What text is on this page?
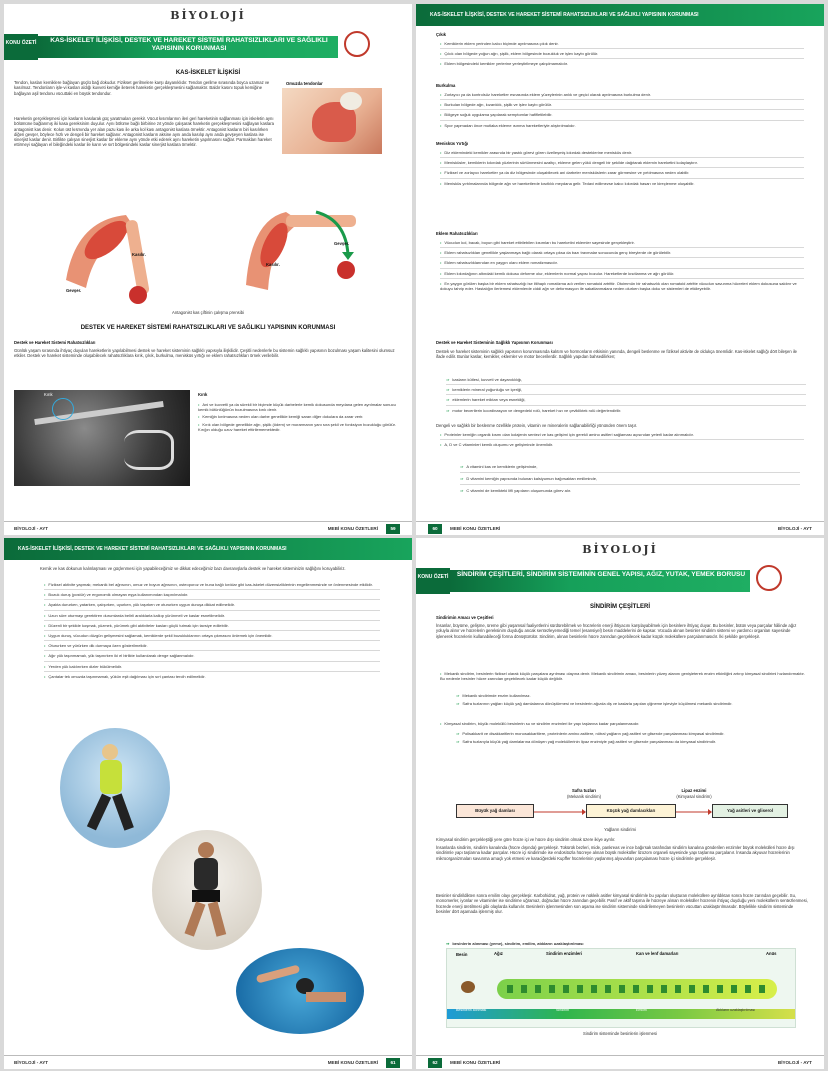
BİYOLOJİ
KONU ÖZETİ	KAS-İSKELET İLİŞKİSİ, DESTEK VE HAREKET SİSTEMİ RAHATSIZLIKLARI VE SAĞLIKLI YAPISININ KORUNMASI
KAS-İSKELET İLİŞKİSİ
Tendon, kasları kemiklere bağlayan güçlü bağ dokudur. Fizikset gerilmelere karşı dayanıklıdır. Tendon gerilme sırasında boyca uzamaz ve kasılmaz. Tendonların işle-vi kasları aldığı kuvveti kemiğe ileterek hareketin gerçekleşmesini sağlamaktır. Baldır kasını topuk kemiğine bağlayan aşil tendonu vücuttaki en büyük tendondur.
Hareketin gerçekleşmesi için kasların kasılarak güç yaratmaları gerekir. Vücut kısımlarının ileri geri hareketinin sağlanması için iskeletin aynı bölümüne bağlanmış iki kasa gereksinim duyulur. Aynı bölüme bağlı birbirine zıt yönde çalışarak hareketin gerçekleşmesini sağlayan kaslara antagonist kas denir. Kolun üst kısmında yer alan pazu kası ile arka kol kası antagonist kaslara örnektir. Antagonist kasların biri kasılırken diğeri gevşer, böylece hızlı ve dengeli bir hareket sağlanır. Antagonist kasların aksine aynı anda kasılıp aynı anda gevşeyen kaslara ise sinerjist kaslar denir. Birlikte çalışan sinerjist kaslar bir ekleme aynı yönde etki ederek aynı hareketin yapılmasını sağlar. Parmakları hareket ettirmeyi sağlayan el bileğindeki kaslar ile karın ve sırt bölgesindeki kaslar sinerjist kaslara örnektir.
Omuzda tendonlar
Kasılır.
Gevşer.
Kasılır.
Gevşer.
Antagonist kas çiftinin çalışma prensibi
DESTEK VE HAREKET SİSTEMİ RAHATSIZLIKLARI VE SAĞLIKLI YAPISININ KORUNMASI
Destek ve Hareket Sistemi Rahatsızlıkları
Günlük yaşam sırasında ihtiyaç duyulan hareketlerin yapılabilmesi destek ve hareket sisteminin sağlıklı yapısıyla ilişkilidir. Çeşitli nedenlerle bu sistemin sağlıklı yapısının bozulması yaşam kalitesini olumsuz etkiler. Destek ve hareket sisteminde oluşabilecek rahatsızlıklara kırık, çıkık, burkulma, menisküs yırtığı ve eklem rahatsızlıkları örnek verilebilir.
Kırık	Kırık
• Ani ve kuvvetli ya da sürekli bir biçimde küçük darbelerle kemik dokusunda meydana gelen ayrılmalar sonucu kemik bütünlüğünün bozulmasına kırık denir.
• Kemiğin kırılmasına neden olan darbe genellikle kemiği saran diğer dokulara da zarar verir.
• Kırık olan bölgede genellikle ağrı, şişlik (ödem) ve morarmanın yanı sıra şekil ve fonksiyon bozukluğu görülür. Kırığın olduğu uzuv hareket ettirilememektedir.
BİYOLOJİ - AYT	MEBİ KONU ÖZETLERİ	59
KAS-İSKELET İLİŞKİSİ, DESTEK VE HAREKET SİSTEMİ RAHATSIZLIKLARI VE SAĞLIKLI YAPISININ KORUNMASI
Çıkık
• Kemiklerin eklem yerinden kalıcı biçimde ayrılmasına çıkık denir.
• Çıkık olan bölgede yoğun ağrı, şişlik, eklem bölgesinde bozukluk ve işlev kaybı görülür.
• Eklem bölgesindeki kemikler yerlerine yerleştirilmeye çalışılmamalıdır.
Burkulma
• Zorlayıcı ya da kontrolsüz hareketler esnasında eklem yüzeylerinin anlık ve geçici olarak ayrılmasına burkulma denir.
• Burkulan bölgede ağrı, kızarıklık, şişlik ve işlev kaybı görülür.
• Bölgeye soğuk uygulama yapılarak semptomlar hafifletilebilir.
• Spor yapmadan önce mutlaka ekleme ısınma hareketleriyle alıştırılmalıdır.
Menisküs Yırtığı
• Diz eklemindeki kemikler arasında bir yastık görevi gören özelleşmiş kıkırdak desteklerine menisküs denir.
• Menisküsler, kemiklerin kıkırdak yüzlerinin sürtünmesini azaltıp, ekleme gelen yükü dengeli bir şekilde dağıtarak eklemin hareketini kolaylaştırır.
• Fiziksel ve zorlayıcı hareketler ya da diz bölgesinde oluşabilecek ani darbeler menisküslerin zarar görmesine ve yırtılmasına neden olabilir.
• Menisküs yırtılmalarında bölgede ağrı ve hareketlerde kısıtlılık meydana gelir. Tedavi edilmezse kalıcı kıkırdak hasarı ve kireçlenme oluşabilir.
Eklem Rahatsızlıkları
• Vücudun kol, bacak, boyun gibi hareket ettirilebilen kısımları bu hareketini eklemler sayesinde gerçekleştirir.
• Eklem rahatsızlıkları genellikle yaşlanmaya bağlı olarak ortaya çıksa da bazı travmalar sonucunda genç bireylerde de görülebilir.
• Eklem rahatsızlıklarından en yaygın olanı eklem romatizmasıdır.
• Eklem kıkırdağının altındaki kemik dokusu deforme olur, eklemlerin normal yapısı bozulur. Hareketlerde kısıtlanma ve ağrı görülür.
• En yaygın görülen başka bir eklem rahatsızlığı ise iltihaplı romatizma adı verilen romatoid artrittir. Otoimmün bir rahatsızlık olan romatoid artritte vücudun savunma hücreleri eklem dokusuna saldırır ve dokuyu tahrip eder. Hastalığın ilerlemesi eklemlerde ciddi ağrı ve deformasyon ile sakatlanmalara neden olurken başka doku ve sistemleri de etkileyebilir.
Destek ve Hareket Sisteminin Sağlıklı Yapısının Korunması
Destek ve hareket sisteminin sağlıklı yapısının korunmasında kalıtım ve hormonların etkisinin yanında, dengeli beslenme ve fiziksel aktivite de oldukça önemlidir. Kas-iskelet sağlığı dört bileşen ile ifade edilir. Bunlar kaslar, kemikler, eklemler ve motor becerilerdir. Sağlıklı yapıdan bahsedilirken;
⇒ kasların kütlesi, kuvveti ve dayanıklılığı,
⇒ kemiklerin mineral yoğunluğu ve içeriği,
⇒ eklemlerin hareket miktarı veya esnekliği,
⇒ motor becerilerin koordinasyon ve dengedeki rolü, hareket hızı ve çevikliktek rolü değerlendirilir.
Dengeli ve sağlıklı bir beslenme özellikle protein, vitamin ve mineralerin sağlanabilirliği yönünden önem taşır.
• Proteinler kemiğin organik kısmı olan kolajenin sentezi ve kas gelişimi için gerekli amino asitleri sağlaması açısından yeterli kadar alınmalıdır.
• A, D ve C vitaminleri kemik oluşumu ve gelişiminde önemlidir.
⇒ A vitamini kas ve kemiklerin gelişiminde,
⇒ D vitamini kemiğin yapısında bulunan kalsiyumun bağırsaktan emiliminde,
⇒ C vitamini de kemikteki lifli yapıların oluşumunda görev alır.
60	MEBİ KONU ÖZETLERİ	BİYOLOJİ - AYT
KAS-İSKELET İLİŞKİSİ, DESTEK VE HAREKET SİSTEMİ RAHATSIZLIKLARI VE SAĞLIKLI YAPISININ KORUNMASI
Kemik ve kas dokunun kalınlaşması ve güçlenmesi için yapabileceğimiz ve dikkat edeceğimiz bazı davranışlarla destek ve hareket sisteminizin sağlığını koruyabiliriz.
• Fiziksel aktivite yapmak; mekanik bel ağrısının, omuz ve boyun ağrısının, osteoporoz ve buna bağlı kırıklar gibi kas-iskelet düzensizliklerinin engellenmesinde ve önlenmesinde etkilidir.
• Bozuk duruş (postür) ve ergonomik olmayan eşya kullanımından kaçınılmalıdır.
• Ayakta dururken, yatarken, çalışırken, uyurken, yük taşırken ve otururken uygun duruşa dikkat edilmelidir.
• Uzun süre oturmayı gerektiren durumlarda belirli aralıklarla kalkıp yürünmeli ve kaslar esnetilmelidir.
• Düzenli bir şekilde koşmak, yüzmek, yürümek gibi aktiviteler kasları güçlü tutmak için tavsiye edilebilir.
• Uygun duruş, vücudun düzgün gelişmesini sağlamak, kemiklerde şekil bozukluklarının ortaya çıkmasını önlemek için önemlidir.
• Otururken ve yürürken dik durmaya özen gösterilmelidir.
• Ağır yük taşınmamalı, yük taşınırken iki el birlikte kullanılarak denge sağlanmalıdır.
• Yerden yük kaldırırken dizler bükülmelidir.
• Çantalar tek omuzda taşınmamalı, yükün eşit dağılması için sırt çantası tercih edilmelidir.
BİYOLOJİ - AYT	MEBİ KONU ÖZETLERİ	61
BİYOLOJİ
KONU ÖZETİ SİNDİRİM ÇEŞİTLERİ, SİNDİRİM SİSTEMİNİN GENEL YAPISI, AĞIZ, YUTAK, YEMEK BORUSU
SİNDİRİM ÇEŞİTLERİ
Sindirimin Amacı ve Çeşitleri
İnsanlar, büyüme, gelişme, üreme gibi yaşamsal faaliyetlerini sürdürebilmek ve hücrelerin enerji ihtiyacını karşılayabilmek için besinlere ihtiyaç duyar. Bu besinler, bütün veya parçalar hâlinde ağız yoluyla alınır ve hücrelerin gereksinim duyduğu ancak sentezleyemediği temel (esansiyel) besin maddelerini de kapsar. Vücuda alınan besinler sindirim sistemi ve yardımcı organları sayesinde işlenerek hücrelerin kullanabileceği forma dönüştürülür. Sindirim, alınan besinlerin hücre zarından geçebilecek kadar küçük moleküllere parçalanmasıdır. İki şekilde gerçekleşir.
• Mekanik sindirim, besinlerin fiziksel olarak küçük parçalara ayrılması olayına denir. Mekanik sindirimin amacı, besinlerin yüzey alanını genişleterek enzim etkinliğini artırıp kimyasal sindirimi hızlandırmaktır. Bu nedenle besinler hücre zarından geçebilecek kadar küçük değildir.
⇒ Mekanik sindirimde enzim kullanılmaz.
⇒ Safra tuzlarının yağları küçük yağ damlalarına dönüştürmesi ve besinlerin ağızda diş ve kaslarla yapılan çiğneme işleviyle küçülmesi mekanik sindirimdir.
• Kimyasal sindirim, büyük moleküllü besinlerin su ve sindirim enzimleri ile yapı taşlarına kadar parçalanmasıdır.
⇒ Polisakkarit ve disakkaritlerin monosakkaritlere, proteinlerin amino asitlere, nötral yağların yağ asitleri ve gliserole parçalanması kimyasal sindirimdir.
⇒ Safra tuzlarıyla küçük yağ damlalarına dönüşen yağ moleküllerinin lipaz enzimiyle yağ asitleri ve gliserole parçalanması da kimyasal sindirimdir.
Safra tuzları
(Mekanik sindirim)
Lipaz enzimi
(Kimyasal sindirim)
Büyük yağ damlası	Küçük yağ damlacıkları	Yağ asitleri ve gliserol
Yağların sindirimi
Kimyasal sindirim gerçekleştiği yere göre hücre içi ve hücre dışı sindirim olmak üzere ikiye ayrılır.
İnsanlarda sindirim, sindirim kanalında (hücre dışında) gerçekleşir. Tükürük bezleri, mide, pankreas ve ince bağırsak tarafından sindirim kanalına gönderilen enzimler büyük molekülleri hücre dışı sindirimle yapı taşlarına kadar parçalar. Hücre içi sindirimde ise endositozla hücreye alınan büyük moleküller lizozom organeli sayesinde yapı taşlarına parçalanır. İnsanda akyuvar hücrelerinin mikroorganizmaları savunma amaçlı yok etmesi ve karaciğerdeki Kupffer hücrelerinin yaşlanmış alyuvarları parçalaması hücre içi sindirimle gerçekleşir.
Besinler sindirildikten sonra emilim olayı gerçekleşir. Karbohidrat, yağ, protein ve nükleik asitler kimyasal sindirimle bu yapıları oluşturan moleküllere ayrıldıktan sonra hücre zarından geçebilir. Su, monomerler, iyonlar ve vitaminler ise sindirime uğramaz, doğrudan hücre zarından geçebilir. Pasif ve aktif taşıma ile hücreye alınan moleküller hücrenin ihtiyaç duyduğu yeni moleküllerin sentezlenmesi, hücrede enerji üretilmesi gibi olaylarda kullanılır. Besinlerin işlenmesinden son aşama ise sindirim sisteminde sindirilemeyen besinlerin vücuttan uzaklaştırılmasıdır. Böylelikle sindirim sisteminde besinler dört aşamada işlenmiş olur.
⇒ besinlerin alınması (yeme), sindirim, emilim, atıkların uzaklaştırılması
Besin	Ağız	Sindirim enzimleri	Kan ve lenf damarları	Anüs
Besinlerin alınması	Sindirim	Emilim	Atıkların uzaklaştırılması
Sindirim sisteminde besinlerin işlenmesi
62	MEBİ KONU ÖZETLERİ	BİYOLOJİ - AYT
